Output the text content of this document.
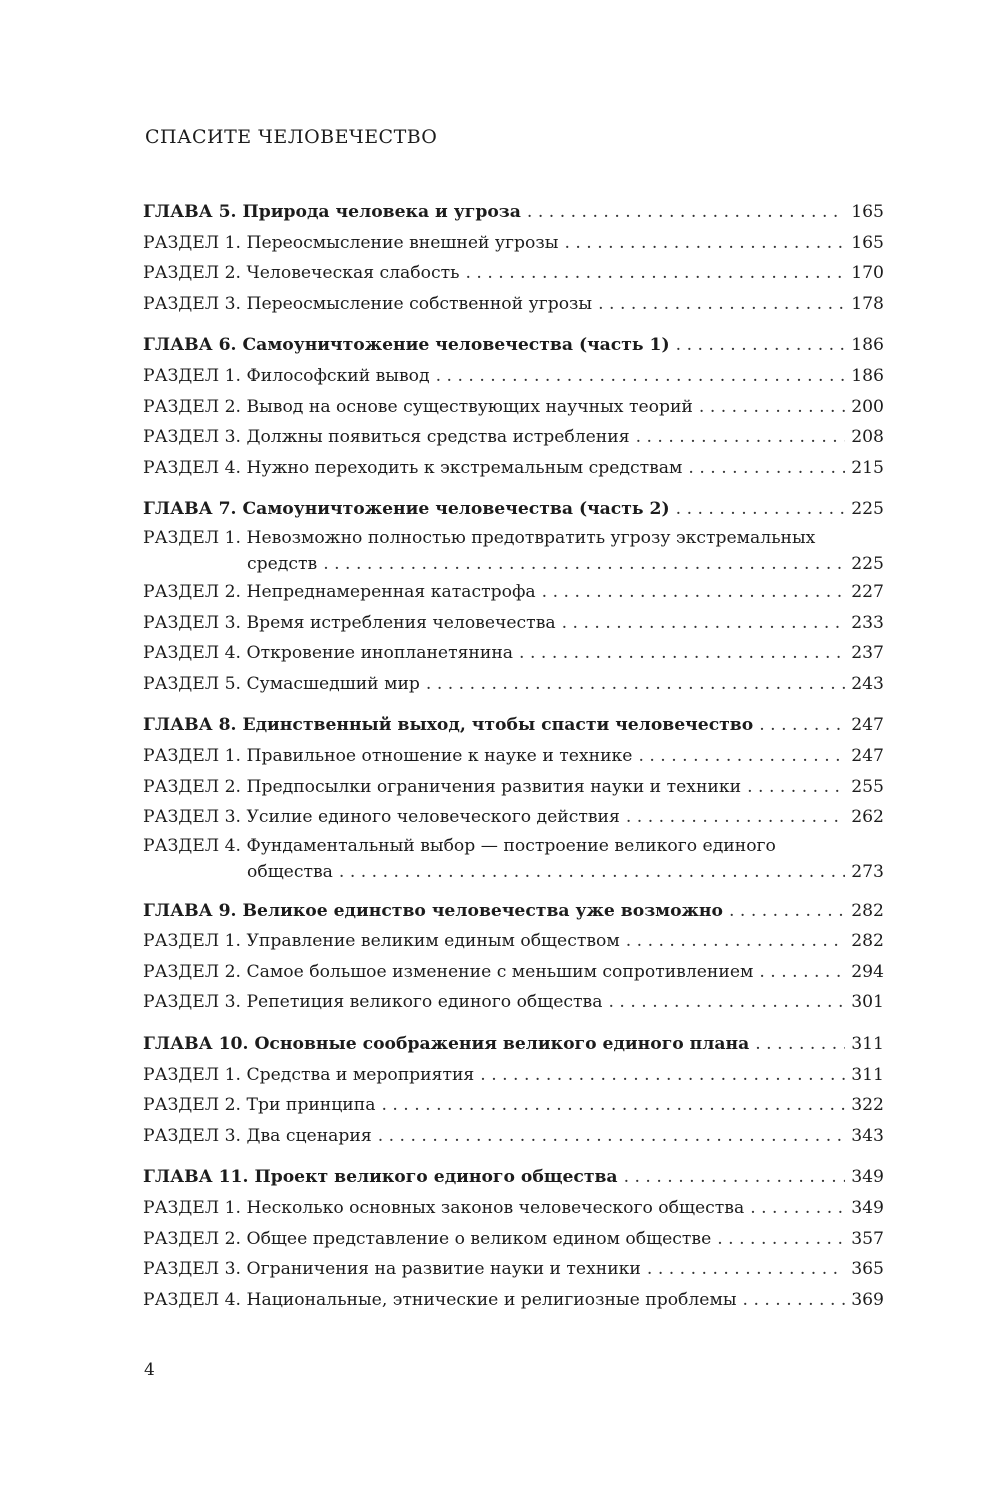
СПАСИТЕ ЧЕЛОВЕЧЕСТВО
ГЛАВА 5. Природа человека и угроза . . .	165
РАЗДЕЛ 1. Переосмысление внешней угрозы . . .	165
РАЗДЕЛ 2. Человеческая слабость . . .	170
РАЗДЕЛ 3. Переосмысление собственной угрозы . . .	178
ГЛАВА 6. Самоуничтожение человечества (часть 1) . . .	186
РАЗДЕЛ 1. Философский вывод . . .	186
РАЗДЕЛ 2. Вывод на основе существующих научных теорий . . .	200
РАЗДЕЛ 3. Должны появиться средства истребления . . .	208
РАЗДЕЛ 4. Нужно переходить к экстремальным средствам . . .	215
ГЛАВА 7. Самоуничтожение человечества (часть 2) . . .	225
РАЗДЕЛ 1. Невозможно полностью предотвратить угрозу экстремальных
средств . . .	225
РАЗДЕЛ 2. Непреднамеренная катастрофа . . .	227
РАЗДЕЛ 3. Время истребления человечества . . .	233
РАЗДЕЛ 4. Откровение инопланетянина . . .	237
РАЗДЕЛ 5. Сумасшедший мир . . .	243
ГЛАВА 8. Единственный выход, чтобы спасти человечество . . .	247
РАЗДЕЛ 1. Правильное отношение к науке и технике . . .	247
РАЗДЕЛ 2. Предпосылки ограничения развития науки и техники . . .	255
РАЗДЕЛ 3. Усилие единого человеческого действия . . .	262
РАЗДЕЛ 4. Фундаментальный выбор — построение великого единого
общества . . .	273
ГЛАВА 9. Великое единство человечества уже возможно . . .	282
РАЗДЕЛ 1. Управление великим единым обществом . . .	282
РАЗДЕЛ 2. Самое большое изменение с меньшим сопротивлением . . .	294
РАЗДЕЛ 3. Репетиция великого единого общества . . .	301
ГЛАВА 10. Основные соображения великого единого плана . . .	311
РАЗДЕЛ 1. Средства и мероприятия . . .	311
РАЗДЕЛ 2. Три принципа . . .	322
РАЗДЕЛ 3. Два сценария . . .	343
ГЛАВА 11. Проект великого единого общества . . .	349
РАЗДЕЛ 1. Несколько основных законов человеческого общества . . .	349
РАЗДЕЛ 2. Общее представление о великом едином обществе . . .	357
РАЗДЕЛ 3. Ограничения на развитие науки и техники . . .	365
РАЗДЕЛ 4. Национальные, этнические и религиозные проблемы . . .	369
4
